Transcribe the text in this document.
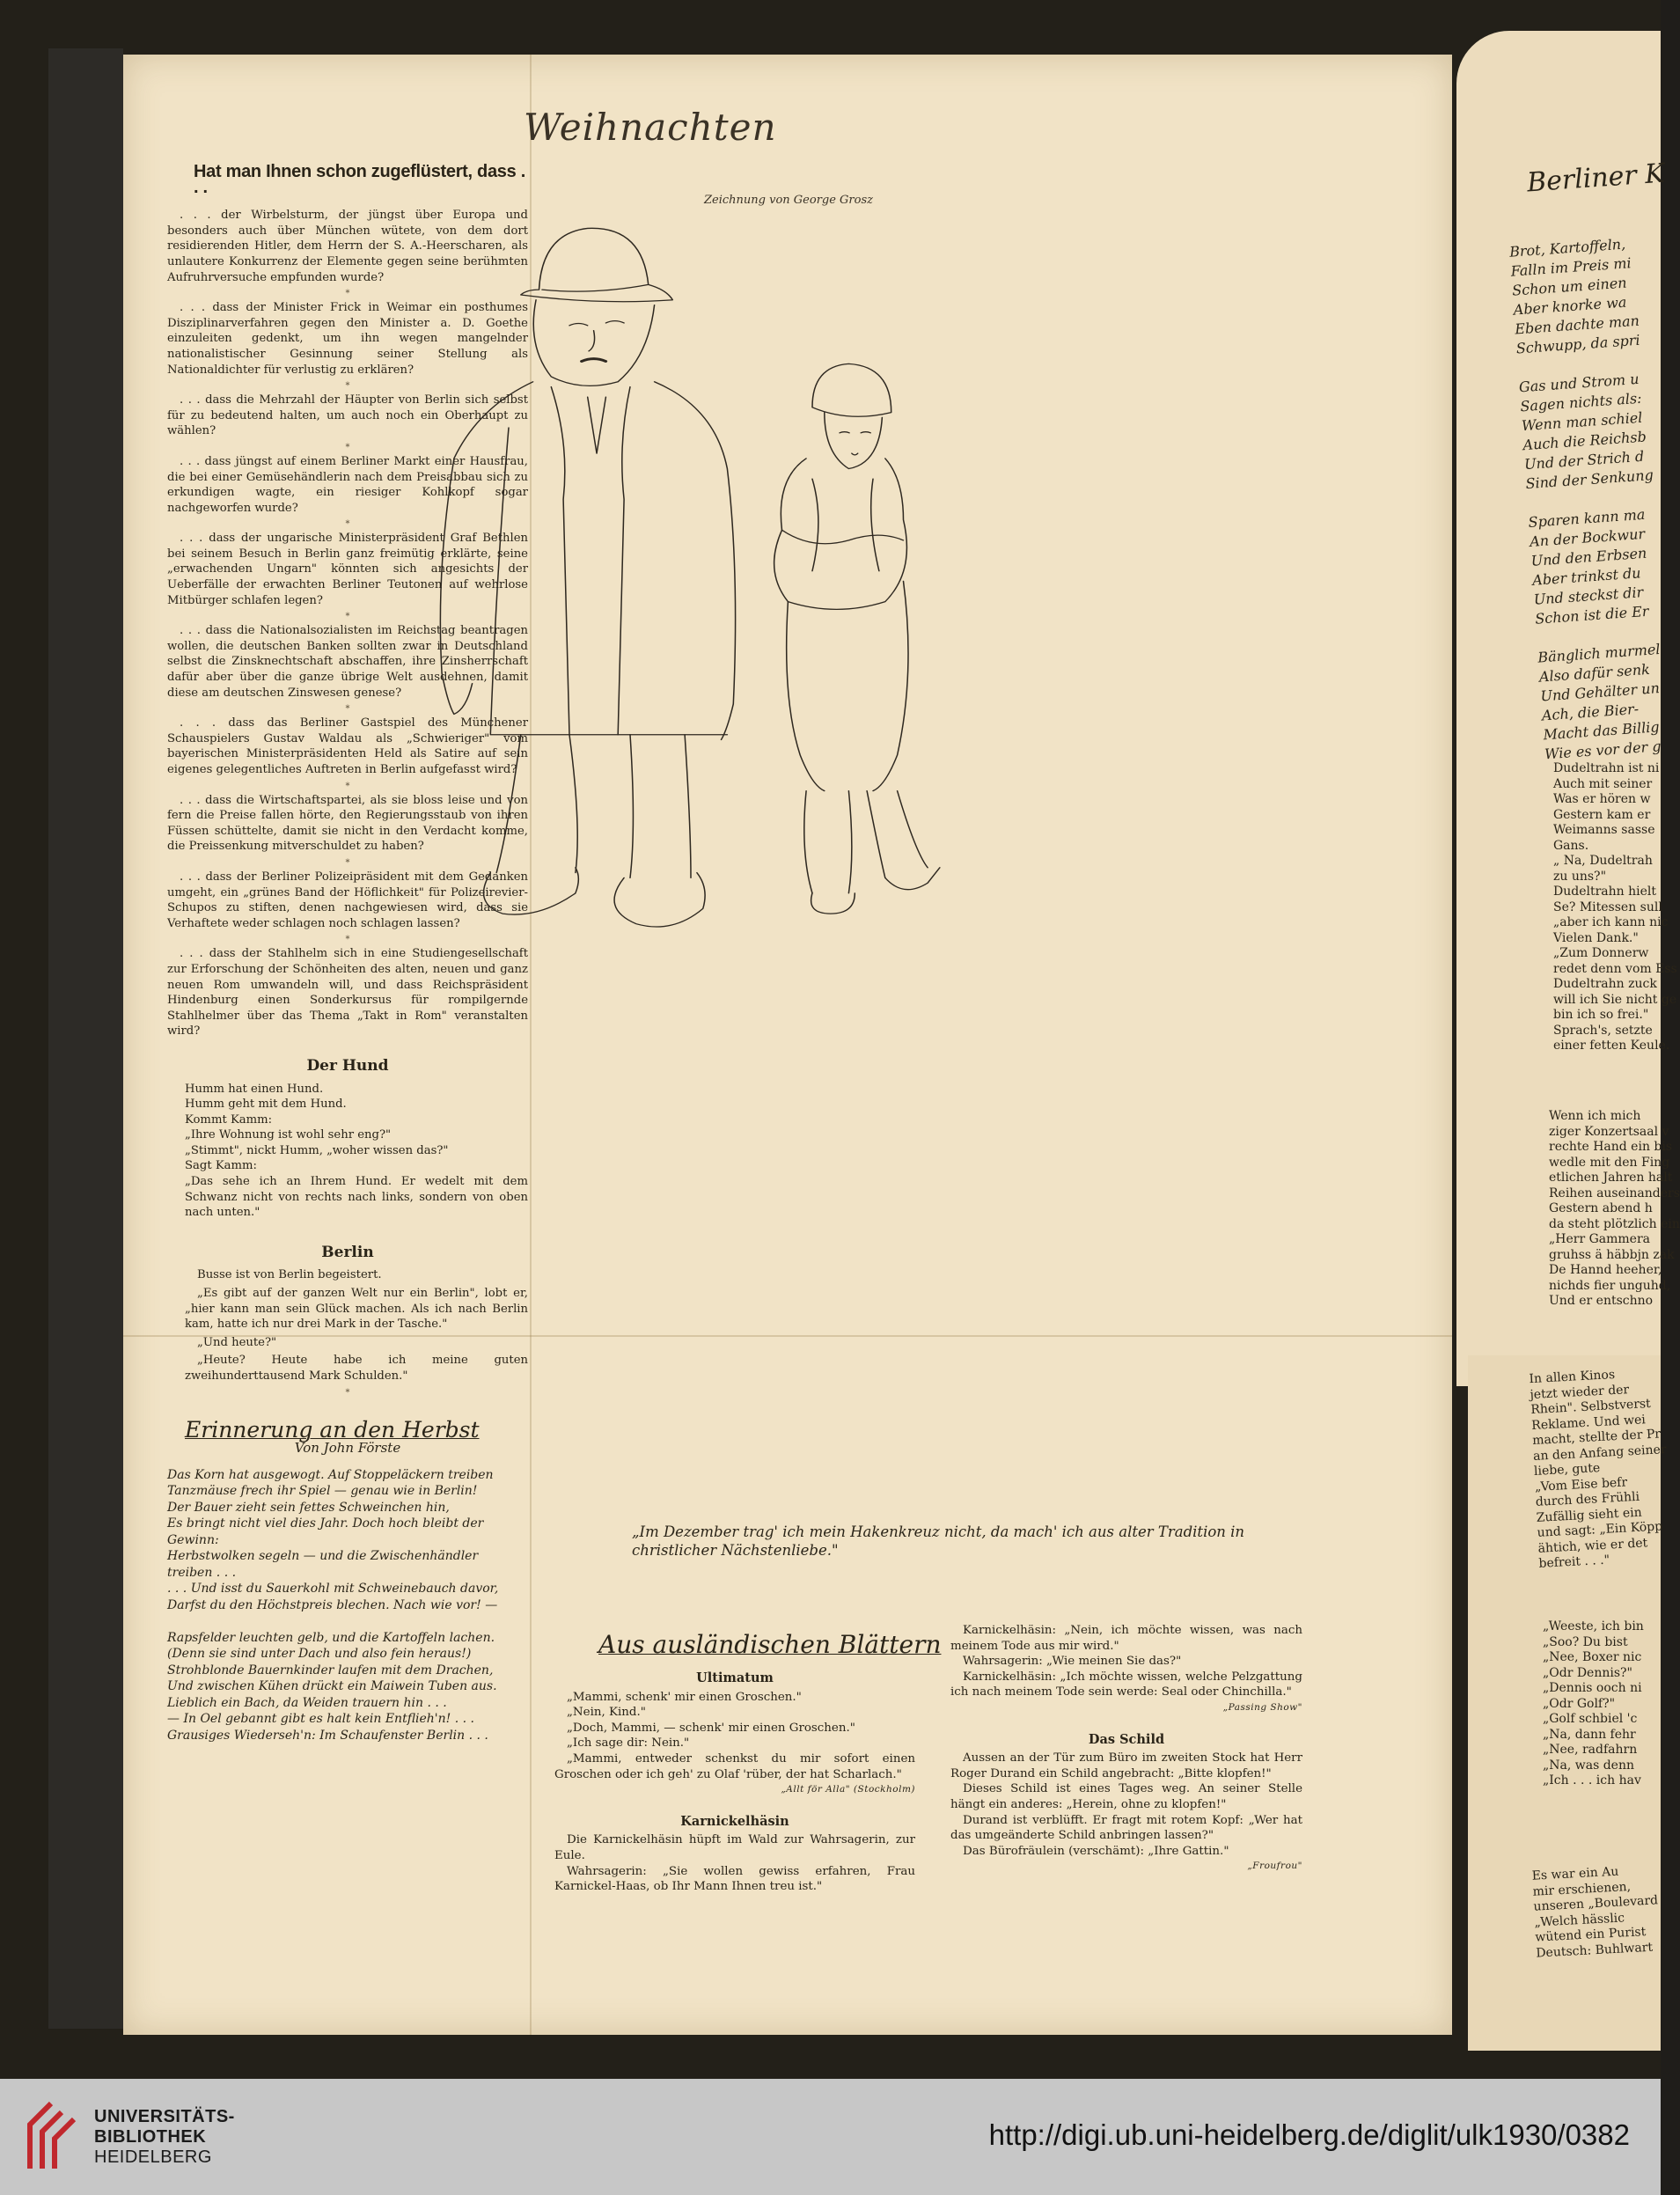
Hat man Ihnen schon zugeflüstert, dass . . .

. . . der Wirbelsturm, der jüngst über Europa und besonders auch über München wütete, von dem dort residierenden Hitler, dem Herrn der S. A.-Heerscharen, als unlautere Konkurrenz der Elemente gegen seine berühmten Aufruhrversuche empfunden wurde?

*

. . . dass der Minister Frick in Weimar ein posthumes Disziplinarverfahren gegen den Minister a. D. Goethe einzuleiten gedenkt, um ihn wegen mangelnder nationalistischer Gesinnung seiner Stellung als Nationaldichter für verlustig zu erklären?

*

. . . dass die Mehrzahl der Häupter von Berlin sich selbst für zu bedeutend halten, um auch noch ein Oberhaupt zu wählen?

*

. . . dass jüngst auf einem Berliner Markt einer Hausfrau, die bei einer Gemüsehändlerin nach dem Preisabbau sich zu erkundigen wagte, ein riesiger Kohlkopf sogar nachgeworfen wurde?

*

. . . dass der ungarische Ministerpräsident Graf Bethlen bei seinem Besuch in Berlin ganz freimütig erklärte, seine „erwachenden Ungarn" könnten sich angesichts der Ueberfälle der erwachten Berliner Teutonen auf wehrlose Mitbürger schlafen legen?

*

. . . dass die Nationalsozialisten im Reichstag beantragen wollen, die deutschen Banken sollten zwar in Deutschland selbst die Zinsknechtschaft abschaffen, ihre Zinsherrschaft dafür aber über die ganze übrige Welt ausdehnen, damit diese am deutschen Zinswesen genese?

*

. . . dass das Berliner Gastspiel des Münchener Schauspielers Gustav Waldau als „Schwieriger" vom bayerischen Ministerpräsidenten Held als Satire auf sein eigenes gelegentliches Auftreten in Berlin aufgefasst wird?

*

. . . dass die Wirtschaftspartei, als sie bloss leise und von fern die Preise fallen hörte, den Regierungsstaub von ihren Füssen schüttelte, damit sie nicht in den Verdacht komme, die Preissenkung mitverschuldet zu haben?

*

. . . dass der Berliner Polizeipräsident mit dem Gedanken umgeht, ein „grünes Band der Höflichkeit" für Polizeirevier-Schupos zu stiften, denen nachgewiesen wird, dass sie Verhaftete weder schlagen noch schlagen lassen?

*

. . . dass der Stahlhelm sich in eine Studiengesellschaft zur Erforschung der Schönheiten des alten, neuen und ganz neuen Rom umwandeln will, und dass Reichspräsident Hindenburg einen Sonderkursus für rompilgernde Stahlhelmer über das Thema „Takt in Rom" veranstalten wird?

Der Hund
Humm hat einen Hund.
Humm geht mit dem Hund.
Kommt Kamm:
„Ihre Wohnung ist wohl sehr eng?"
„Stimmt", nickt Humm, „woher wissen das?"
Sagt Kamm:

„Das sehe ich an Ihrem Hund. Er wedelt mit dem Schwanz nicht von rechts nach links, sondern von oben nach unten."

Berlin

Busse ist von Berlin begeistert.

„Es gibt auf der ganzen Welt nur ein Berlin", lobt er, „hier kann man sein Glück machen. Als ich nach Berlin kam, hatte ich nur drei Mark in der Tasche."

„Und heute?"

„Heute? Heute habe ich meine guten zweihunderttausend Mark Schulden."

*
Erinnerung an den Herbst
Von John Förste
Das Korn hat ausgewogt. Auf Stoppeläckern treiben
Tanzmäuse frech ihr Spiel — genau wie in Berlin!
Der Bauer zieht sein fettes Schweinchen hin,
Es bringt nicht viel dies Jahr. Doch hoch bleibt der
Gewinn:
Herbstwolken segeln — und die Zwischenhändler
treiben . . .
. . . Und isst du Sauerkohl mit Schweinebauch davor,
Darfst du den Höchstpreis blechen. Nach wie vor! —

Rapsfelder leuchten gelb, und die Kartoffeln lachen.
(Denn sie sind unter Dach und also fein heraus!)
Strohblonde Bauernkinder laufen mit dem Drachen,
Und zwischen Kühen drückt ein Maiwein Tuben aus.
Lieblich ein Bach, da Weiden trauern hin . . .
— In Oel gebannt gibt es halt kein Entflieh'n! . . .
Grausiges Wiederseh'n: Im Schaufenster Berlin . . .
Weihnachten
Zeichnung von George Grosz
„Im Dezember trag' ich mein Hakenkreuz nicht, da mach' ich aus alter Tradition in christlicher Nächstenliebe."
Aus ausländischen Blättern

Ultimatum

„Mammi, schenk' mir einen Groschen."

„Nein, Kind."

„Doch, Mammi, — schenk' mir einen Groschen."

„Ich sage dir: Nein."

„Mammi, entweder schenkst du mir sofort einen Groschen oder ich geh' zu Olaf 'rüber, der hat Scharlach."

„Allt för Alla" (Stockholm)

Karnickelhäsin

Die Karnickelhäsin hüpft im Wald zur Wahrsagerin, zur Eule.

Wahrsagerin: „Sie wollen gewiss erfahren, Frau Karnickel-Haas, ob Ihr Mann Ihnen treu ist."

Karnickelhäsin: „Nein, ich möchte wissen, was nach meinem Tode aus mir wird."

Wahrsagerin: „Wie meinen Sie das?"

Karnickelhäsin: „Ich möchte wissen, welche Pelzgattung ich nach meinem Tode sein werde: Seal oder Chinchilla."

„Passing Show"

Das Schild

Aussen an der Tür zum Büro im zweiten Stock hat Herr Roger Durand ein Schild angebracht: „Bitte klopfen!"

Dieses Schild ist eines Tages weg. An seiner Stelle hängt ein anderes: „Herein, ohne zu klopfen!"

Durand ist verblüfft. Er fragt mit rotem Kopf: „Wer hat das umgeänderte Schild anbringen lassen?"

Das Bürofräulein (verschämt): „Ihre Gattin."

„Froufrou"

Berliner K
Brot, Kartoffeln,
Falln im Preis mi
Schon um einen
Aber knorke wa
Eben dachte man
Schwupp, da spri

Gas und Strom u
Sagen nichts als:
Wenn man schiel
Auch die Reichsb
Und der Strich d
Sind der Senkung

Sparen kann ma
An der Bockwur
Und den Erbsen
Aber trinkst du
Und steckst dir
Schon ist die Er

Bänglich murmel
Also dafür senk
Und Gehälter un
Ach, die Bier-
Macht das Billig
Wie es vor der g
Dudeltrahn ist ni
Auch mit seiner
Was er hören w
Gestern kam er
Weimanns sasse
Gans.
„ Na, Dudeltrah
zu uns?"
Dudeltrahn hielt
Se? Mitessen sull
„aber ich kann nic
Vielen Dank."
„Zum Donnerw
redet denn vom Ess
Dudeltrahn zuck
will ich Sie nicht ge
bin ich so frei."
Sprach's, setzte
einer fetten Keule.
Wenn ich mich
ziger Konzertsaal v
rechte Hand ein bis
wedle mit den Fing
etlichen Jahren halt
Reihen auseinanders
Gestern abend h
da steht plötzlich ein
„Herr Gammera
gruhss ä häbbjn zak
De Hannd heeher,
nichds fier unguhd,
Und er entschno
In allen Kinos
jetzt wieder der
Rhein". Selbstverst
Reklame. Und wei
macht, stellte der Pr
an den Anfang seiner
liebe, gute
„Vom Eise befr
durch des Frühli
Zufällig sieht ein
und sagt: „Ein Köpp
ähtich, wie er det
befreit . . ."
„Weeste, ich bin
„Soo? Du bist
„Nee, Boxer nic
„Odr Dennis?"
„Dennis ooch ni
„Odr Golf?"
„Golf schbiel 'c
„Na, dann fehr
„Nee, radfahrn
„Na, was denn
„Ich . . . ich hav
Es war ein Au
mir erschienen,
unseren „Boulevard
„Welch hässlic
wütend ein Purist
Deutsch: Buhlwart
UNIVERSITÄTS-
BIBLIOTHEK
HEIDELBERG
http://digi.ub.uni-heidelberg.de/diglit/ulk1930/0382
